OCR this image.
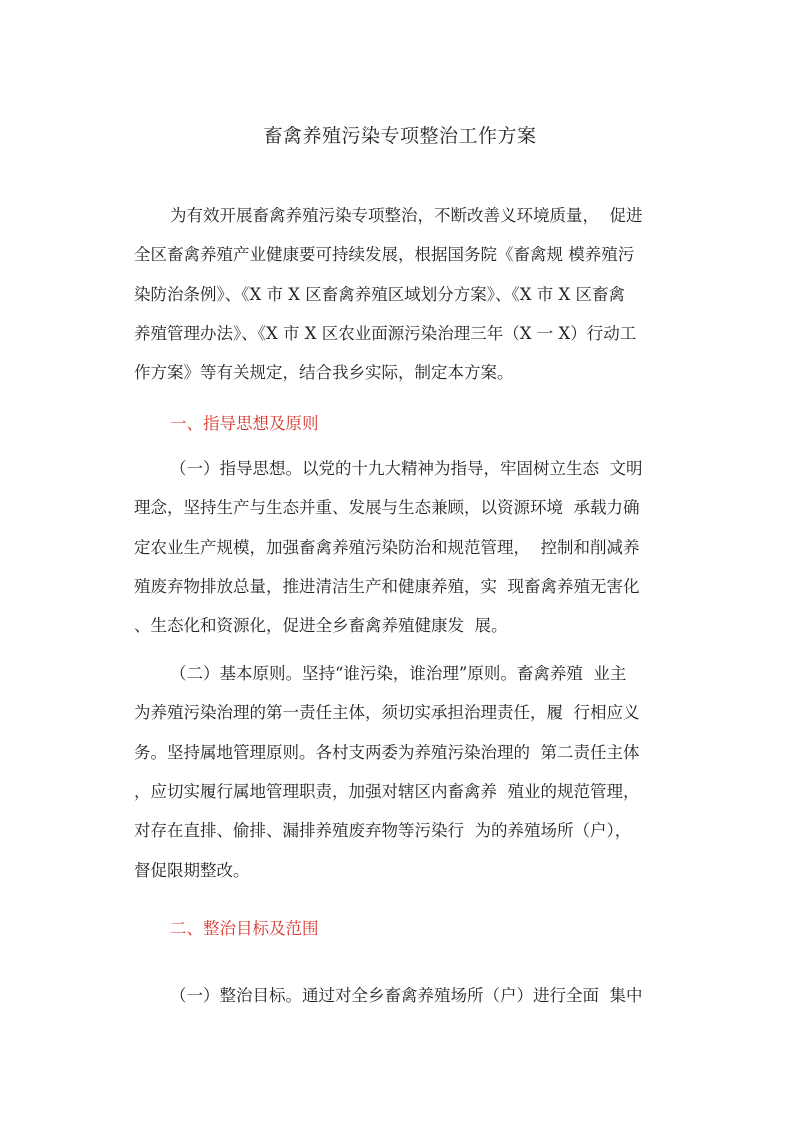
畜禽养殖污染专项整治工作方案
为有效开展畜禽养殖污染专项整治，不断改善义环境质量，  促进
全区畜禽养殖产业健康要可持续发展，根据国务院《畜禽规 模养殖污
染防治条例》、《X 市 X 区畜禽养殖区域划分方案》、《X 市 X 区畜禽
养殖管理办法》、《X 市 X 区农业面源污染治理三年（X 一 X）行动工
作方案》等有关规定，结合我乡实际，制定本方案。
一、指导思想及原则
（一）指导思想。以党的十九大精神为指导，牢固树立生态  文明
理念，坚持生产与生态并重、发展与生态兼顾，以资源环境  承载力确
定农业生产规模，加强畜禽养殖污染防治和规范管理，  控制和削减养
殖废弃物排放总量，推进清洁生产和健康养殖，实  现畜禽养殖无害化
、生态化和资源化，促进全乡畜禽养殖健康发  展。
（二）基本原则。坚持“谁污染，谁治理”原则。畜禽养殖  业主
为养殖污染治理的第一责任主体，须切实承担治理责任，履  行相应义
务。坚持属地管理原则。各村支两委为养殖污染治理的  第二责任主体
，应切实履行属地管理职责，加强对辖区内畜禽养  殖业的规范管理，
对存在直排、偷排、漏排养殖废弃物等污染行  为的养殖场所（户），
督促限期整改。
二、整治目标及范围
（一）整治目标。通过对全乡畜禽养殖场所（户）进行全面  集中
